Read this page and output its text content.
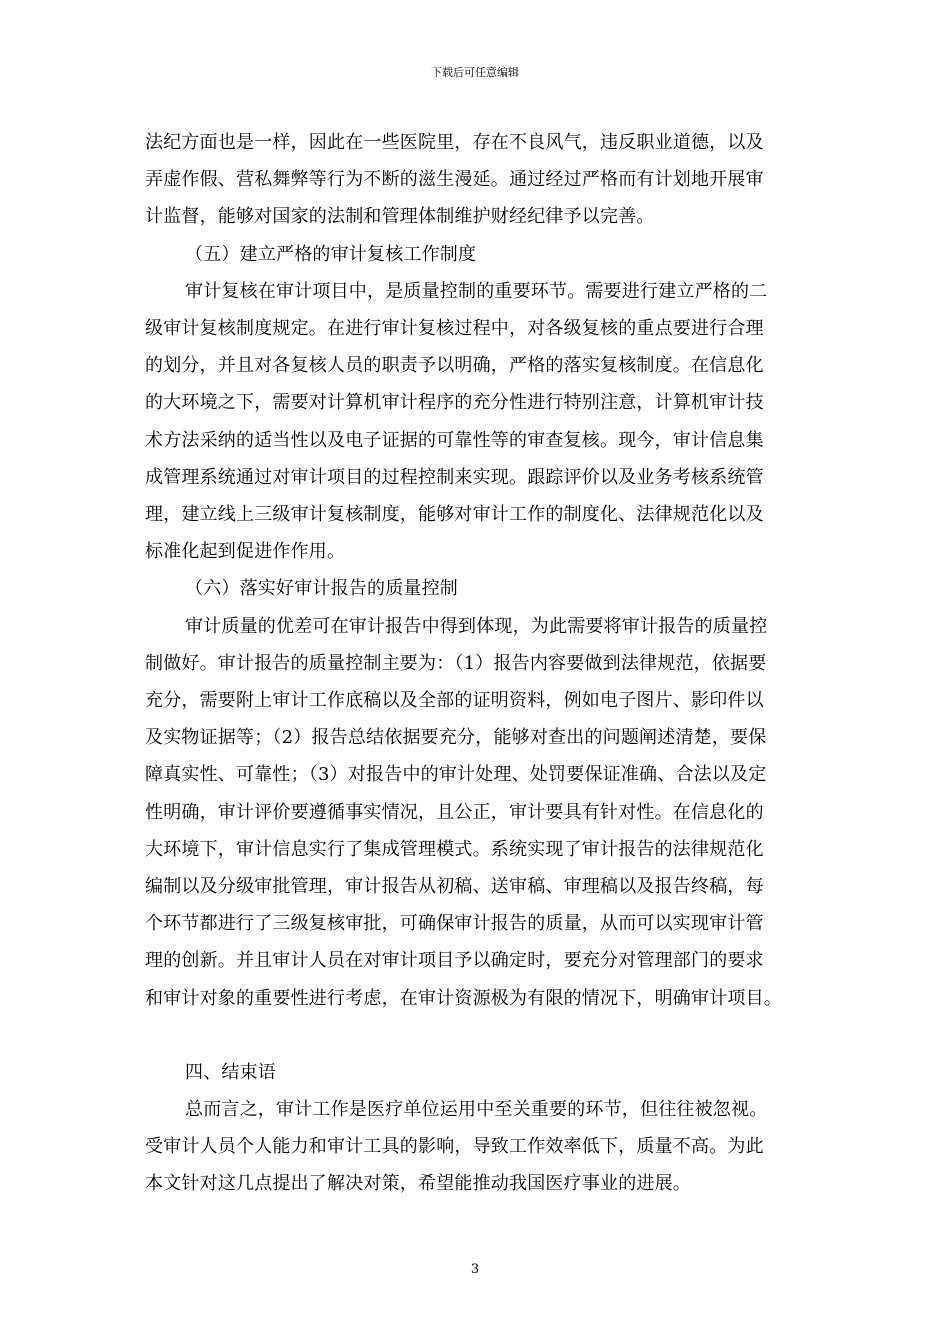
下载后可任意编辑

法纪方面也是一样，因此在一些医院里，存在不良风气，违反职业道德，以及
弄虚作假、营私舞弊等行为不断的滋生漫延。通过经过严格而有计划地开展审
计监督，能够对国家的法制和管理体制维护财经纪律予以完善。

（五）建立严格的审计复核工作制度

审计复核在审计项目中，是质量控制的重要环节。需要进行建立严格的二
级审计复核制度规定。在进行审计复核过程中，对各级复核的重点要进行合理
的划分，并且对各复核人员的职责予以明确，严格的落实复核制度。在信息化
的大环境之下，需要对计算机审计程序的充分性进行特别注意，计算机审计技
术方法采纳的适当性以及电子证据的可靠性等的审查复核。现今，审计信息集
成管理系统通过对审计项目的过程控制来实现。跟踪评价以及业务考核系统管
理，建立线上三级审计复核制度，能够对审计工作的制度化、法律规范化以及
标准化起到促进作作用。

（六）落实好审计报告的质量控制

审计质量的优差可在审计报告中得到体现，为此需要将审计报告的质量控
制做好。审计报告的质量控制主要为：（1）报告内容要做到法律规范，依据要
充分，需要附上审计工作底稿以及全部的证明资料，例如电子图片、影印件以
及实物证据等；（2）报告总结依据要充分，能够对查出的问题阐述清楚，要保
障真实性、可靠性；（3）对报告中的审计处理、处罚要保证准确、合法以及定
性明确，审计评价要遵循事实情况，且公正，审计要具有针对性。在信息化的
大环境下，审计信息实行了集成管理模式。系统实现了审计报告的法律规范化
编制以及分级审批管理，审计报告从初稿、送审稿、审理稿以及报告终稿，每
个环节都进行了三级复核审批，可确保审计报告的质量，从而可以实现审计管
理的创新。并且审计人员在对审计项目予以确定时，要充分对管理部门的要求
和审计对象的重要性进行考虑，在审计资源极为有限的情况下，明确审计项目。

四、结束语

总而言之，审计工作是医疗单位运用中至关重要的环节，但往往被忽视。
受审计人员个人能力和审计工具的影响，导致工作效率低下，质量不高。为此
本文针对这几点提出了解决对策，希望能推动我国医疗事业的进展。

3
